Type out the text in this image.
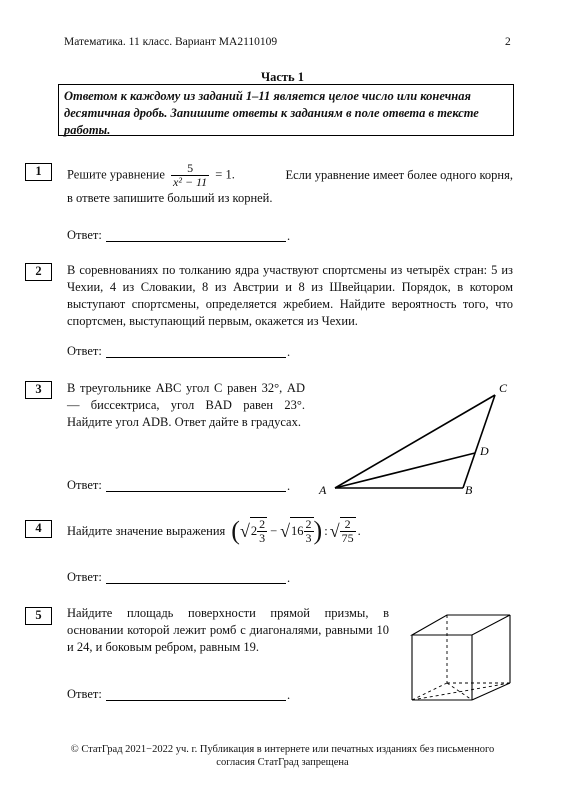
Математика. 11 класс. Вариант МА2110109	2
Часть 1
Ответом к каждому из заданий 1–11 является целое число или конечная десятичная дробь. Запишите ответы к заданиям в поле ответа в тексте работы.
1	Решите уравнение $\frac{5}{\text{x² − 11}} = 1$.	Если уравнение имеет более одного корня,
в ответе запишите больший из корней.
Ответ:	.
2	В соревнованиях по толканию ядра участвуют спортсмены из четырёх стран: 5 из Чехии, 4 из Словакии, 8 из Австрии и 8 из Швейцарии. Порядок, в котором выступают спортсмены, определяется жребием. Найдите вероятность того, что спортсмен, выступающий первым, окажется из Чехии.
Ответ:	.
3	В треугольнике ABC угол C равен 32°, AD — биссектриса, угол BAD равен 23°. Найдите угол ADB. Ответ дайте в градусах.
A	B
C
D
Ответ:	.
4	Найдите значение выражения ( √ $2 \frac{2}{3}$ − √ $16 \frac{2}{3}$ ) : √ $\frac{2}{75}$ .
Ответ:	.
5	Найдите площадь поверхности прямой призмы, в основании которой лежит ромб с диагоналями, равными 10 и 24, и боковым ребром, равным 19.
Ответ:	.
© СтатГрад 2021−2022 уч. г. Публикация в интернете или печатных изданиях без письменного
согласия СтатГрад запрещена
